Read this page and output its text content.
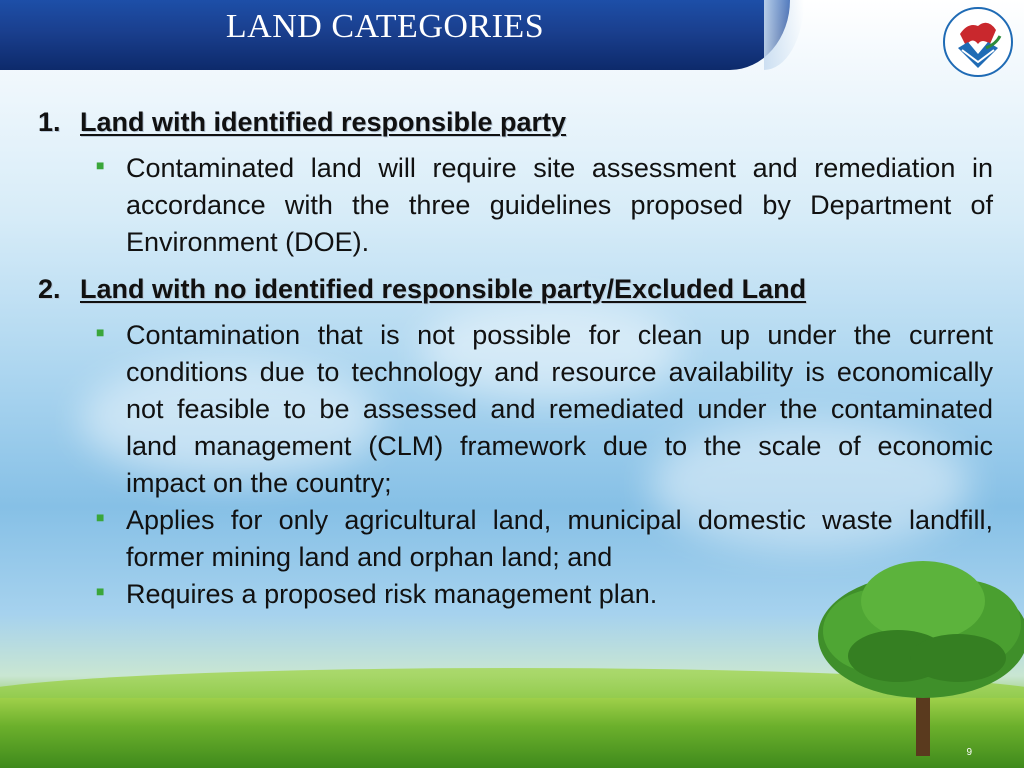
LAND CATEGORIES
1. Land with identified responsible party
■ Contaminated land will require site assessment and remediation in accordance with the three guidelines proposed by Department of Environment (DOE).
2. Land with no identified responsible party/Excluded Land
■ Contamination that is not possible for clean up under the current conditions due to technology and resource availability is economically not feasible to be assessed and remediated under the contaminated land management (CLM) framework due to the scale of economic impact on the country;
■ Applies for only agricultural land, municipal domestic waste landfill, former mining land and orphan land; and
■ Requires a proposed risk management plan.
9
